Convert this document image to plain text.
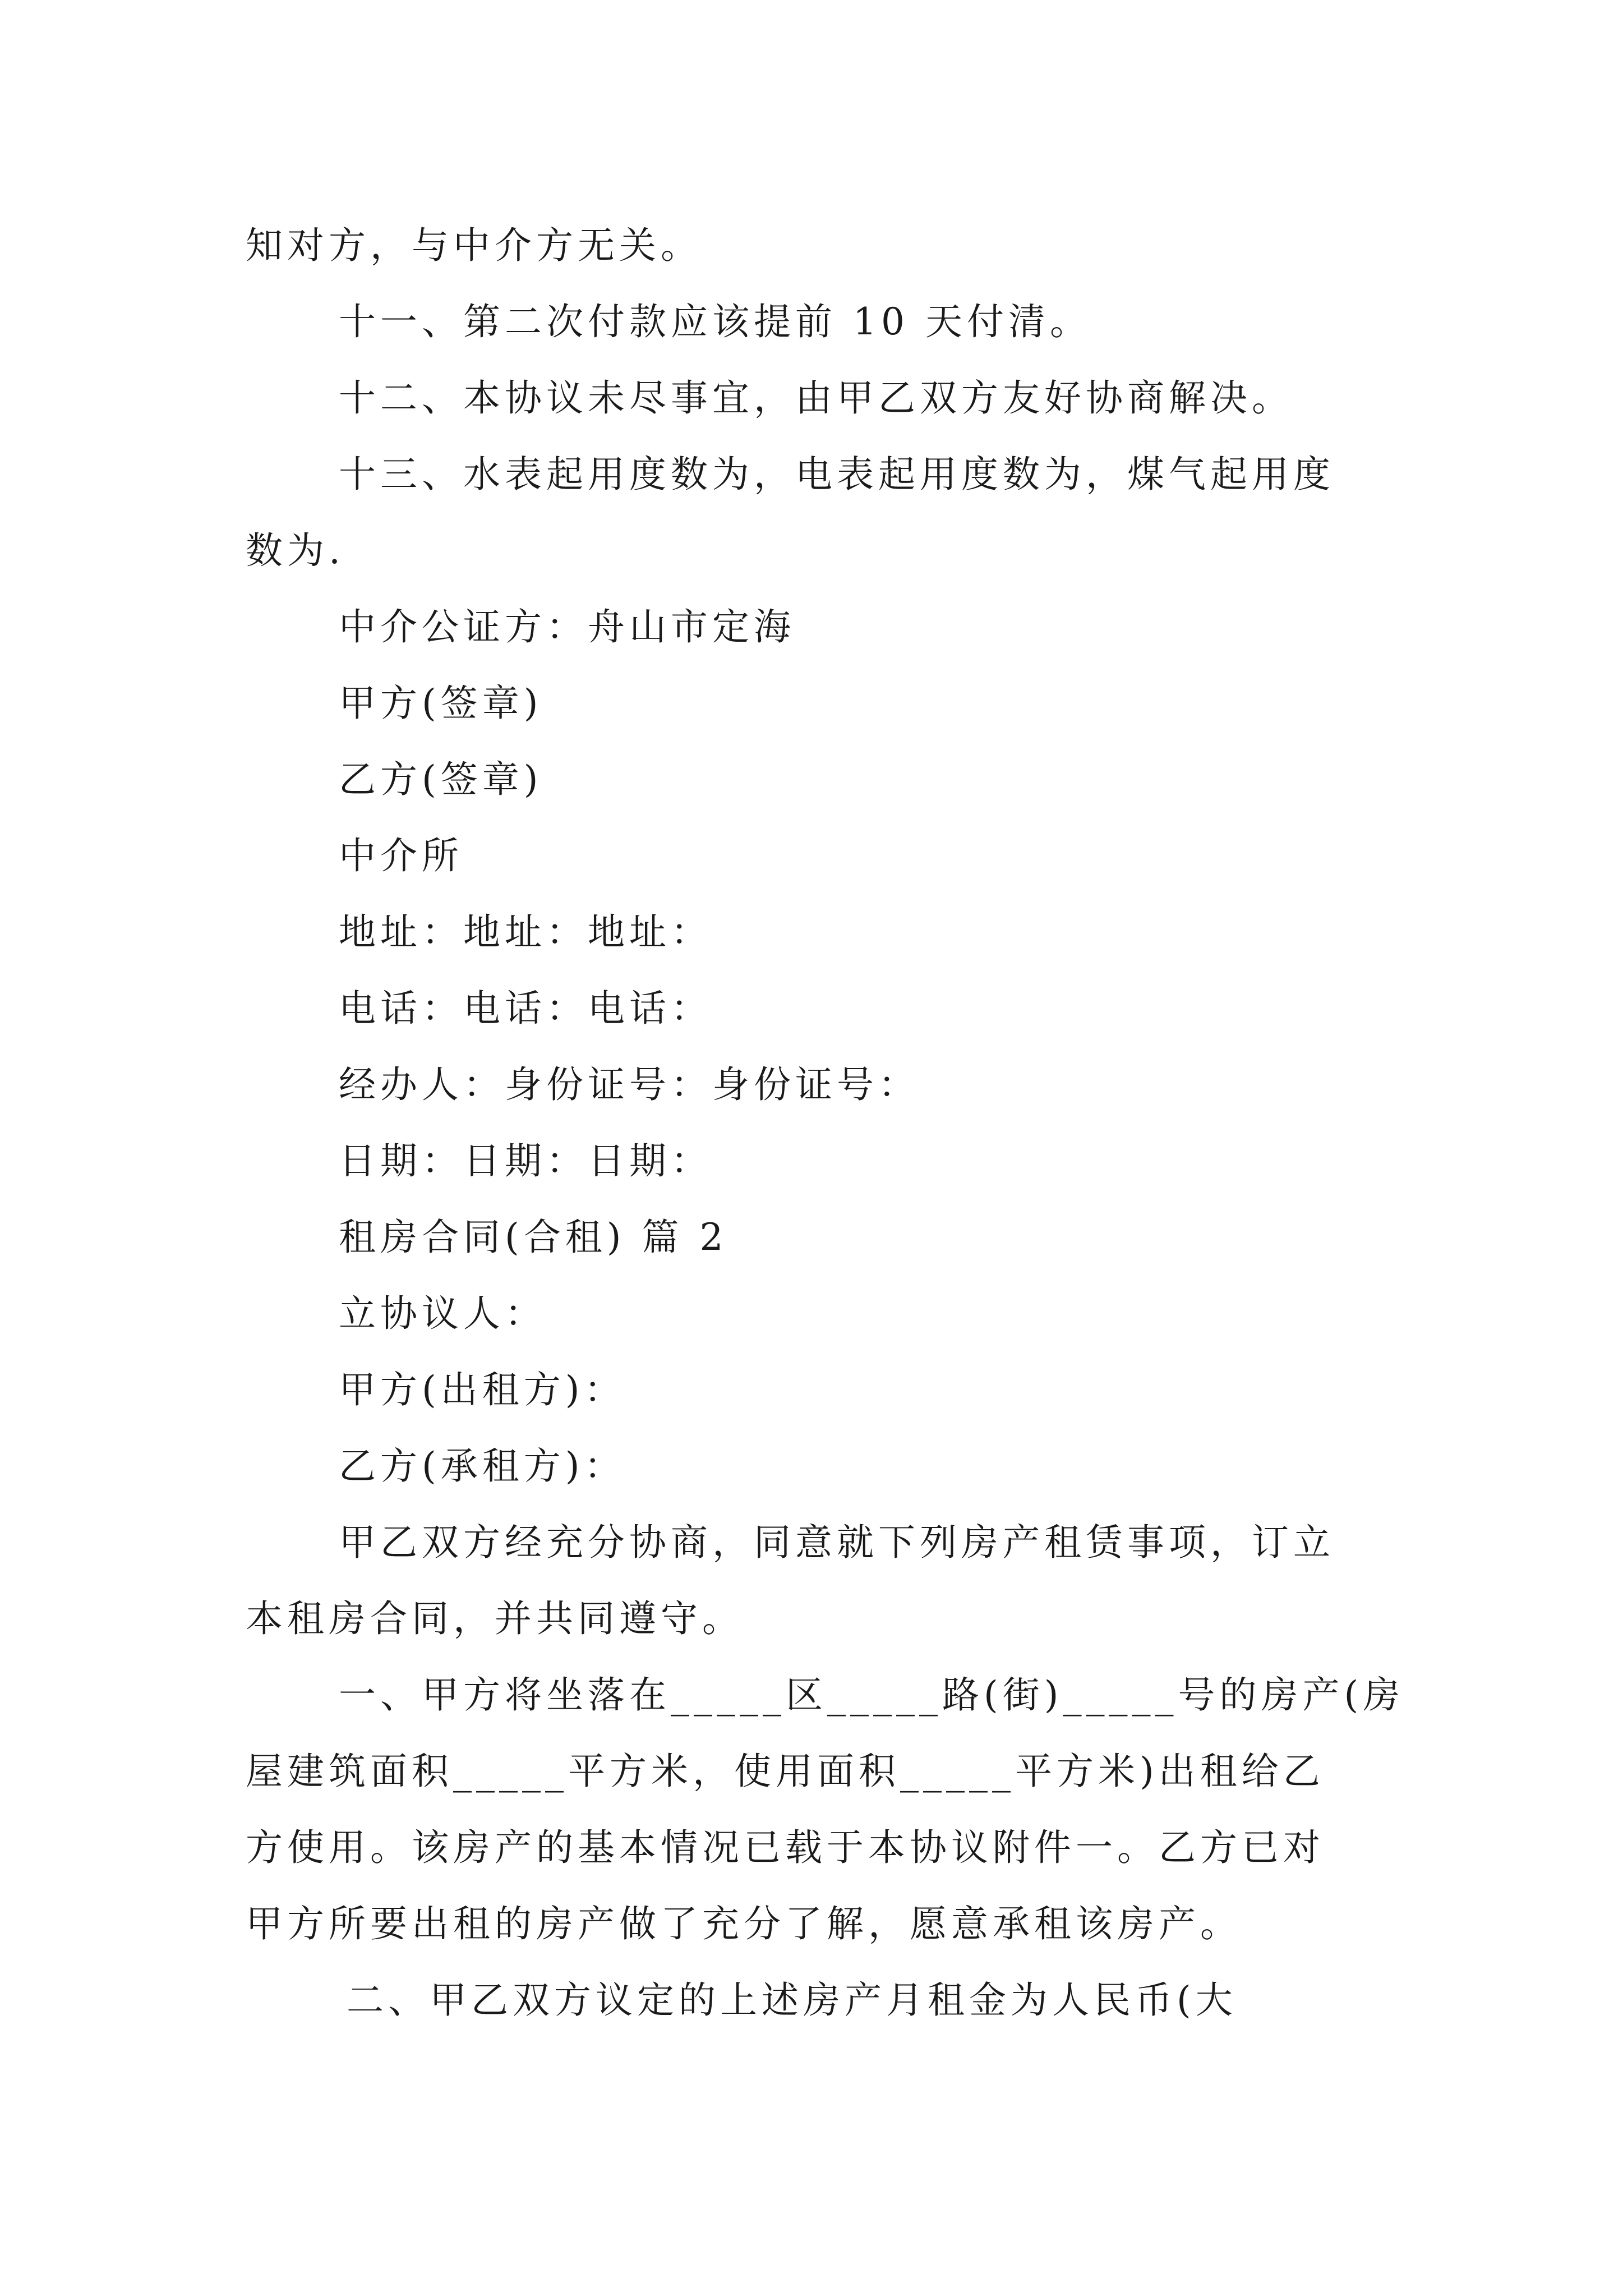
知对方，与中介方无关。
十一、第二次付款应该提前 10 天付清。
十二、本协议未尽事宜，由甲乙双方友好协商解决。
十三、水表起用度数为，电表起用度数为，煤气起用度
数为.
中介公证方：舟山市定海
甲方(签章)
乙方(签章)
中介所
地址：地址：地址：
电话：电话：电话：
经办人：身份证号：身份证号：
日期：日期：日期：
租房合同(合租) 篇 2
立协议人：
甲方(出租方)：
乙方(承租方)：
甲乙双方经充分协商，同意就下列房产租赁事项，订立
本租房合同，并共同遵守。
一、甲方将坐落在_____区_____路(街)_____号的房产(房
屋建筑面积_____平方米，使用面积_____平方米)出租给乙
方使用。该房产的基本情况已载于本协议附件一。乙方已对
甲方所要出租的房产做了充分了解，愿意承租该房产。
二、甲乙双方议定的上述房产月租金为人民币(大
